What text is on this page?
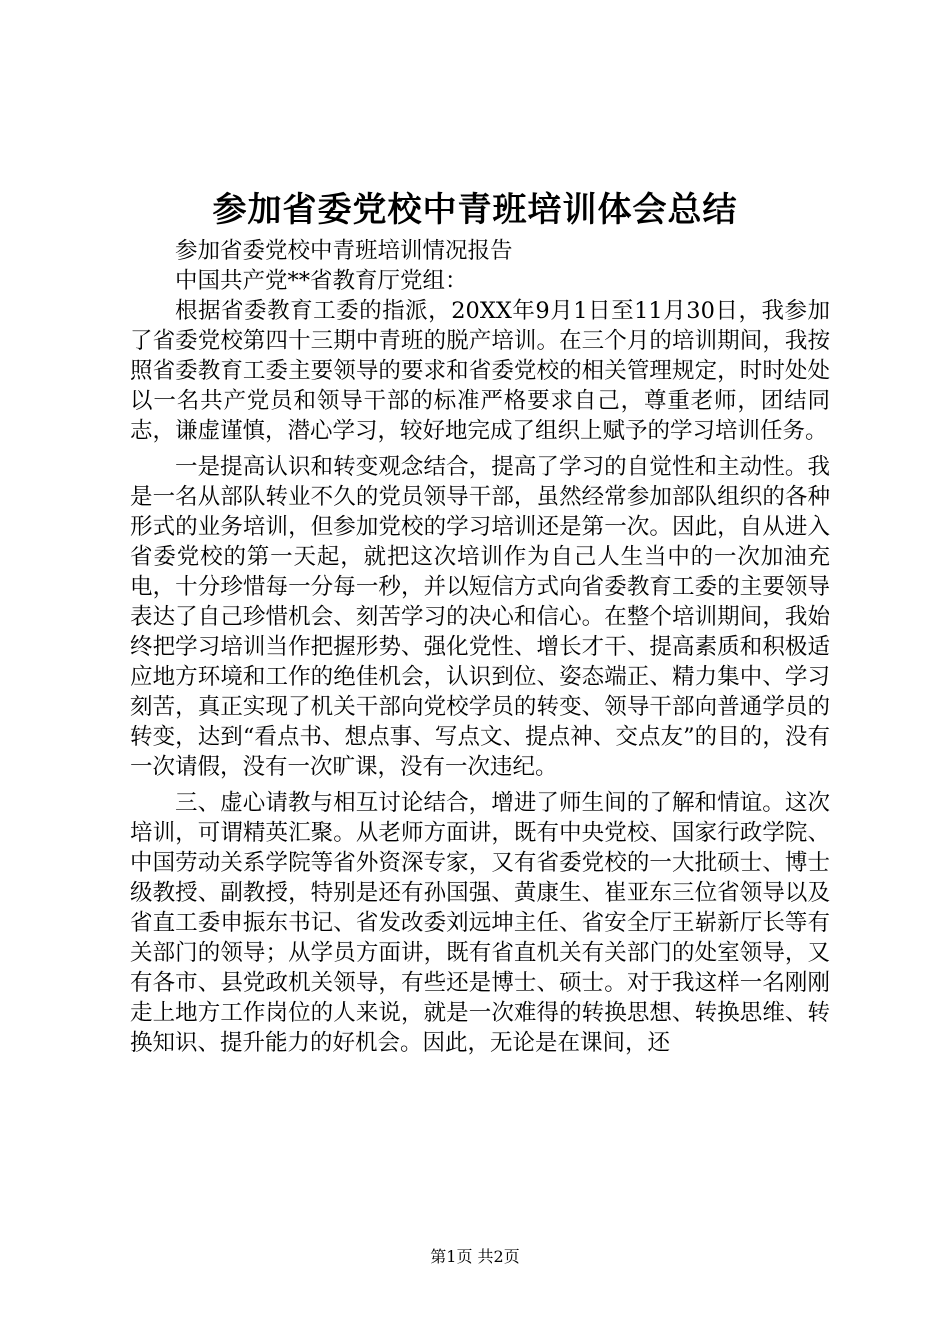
参加省委党校中青班培训体会总结

参加省委党校中青班培训情况报告

中国共产党**省教育厅党组：

根据省委教育工委的指派，20XX年9月1日至11月30日，我参加了省委党校第四十三期中青班的脱产培训。在三个月的培训期间，我按照省委教育工委主要领导的要求和省委党校的相关管理规定，时时处处以一名共产党员和领导干部的标准严格要求自己，尊重老师，团结同志，谦虚谨慎，潜心学习，较好地完成了组织上赋予的学习培训任务。

一是提高认识和转变观念结合，提高了学习的自觉性和主动性。我是一名从部队转业不久的党员领导干部，虽然经常参加部队组织的各种形式的业务培训，但参加党校的学习培训还是第一次。因此，自从进入省委党校的第一天起，就把这次培训作为自己人生当中的一次加油充电，十分珍惜每一分每一秒，并以短信方式向省委教育工委的主要领导表达了自己珍惜机会、刻苦学习的决心和信心。在整个培训期间，我始终把学习培训当作把握形势、强化党性、增长才干、提高素质和积极适应地方环境和工作的绝佳机会，认识到位、姿态端正、精力集中、学习刻苦，真正实现了机关干部向党校学员的转变、领导干部向普通学员的转变，达到“看点书、想点事、写点文、提点神、交点友”的目的，没有一次请假，没有一次旷课，没有一次违纪。

三、虚心请教与相互讨论结合，增进了师生间的了解和情谊。这次培训，可谓精英汇聚。从老师方面讲，既有中央党校、国家行政学院、中国劳动关系学院等省外资深专家，又有省委党校的一大批硕士、博士级教授、副教授，特别是还有孙国强、黄康生、崔亚东三位省领导以及省直工委申振东书记、省发改委刘远坤主任、省安全厅王崭新厅长等有关部门的领导；从学员方面讲，既有省直机关有关部门的处室领导，又有各市、县党政机关领导，有些还是博士、硕士。对于我这样一名刚刚走上地方工作岗位的人来说，就是一次难得的转换思想、转换思维、转换知识、提升能力的好机会。因此，无论是在课间，还

第1页 共2页
